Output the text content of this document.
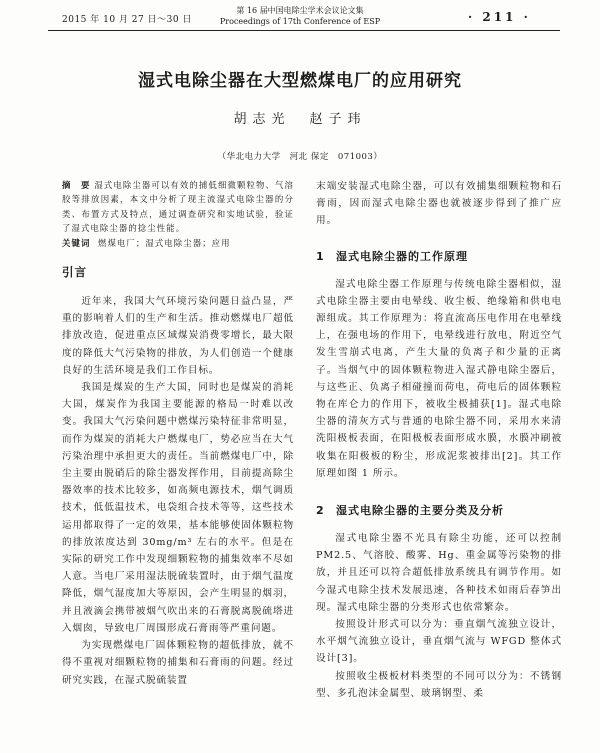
2015 年 10 月 27 日～30 日
第 16 届中国电除尘学术会议论文集
Proceedings of 17th Conference of ESP	· 211 ·
湿式电除尘器在大型燃煤电厂的应用研究
胡志光　赵子玮
（华北电力大学　河北 保定　071003）

摘　要 湿式电除尘器可以有效的捕低细微颗粒物、气溶胶等排放因素，本文中分析了现主流湿式电除尘器的分类、布置方式及特点，通过调查研究和实地试验，验证了湿式电除尘器的捻尘性能。

关键词 燃煤电厂；湿式电除尘器；应用

引言

近年来，我国大气环境污染问题日益凸显，严重的影响着人们的生产和生活。推动燃煤电厂超低排放改造，促进重点区域煤炭消费零增长，最大限度的降低大气污染物的排放，为人们创造一个健康良好的生活环境是我们工作目标。

我国是煤炭的生产大国，同时也是煤炭的消耗大国，煤炭作为我国主要能源的格局一时难以改变。我国大气污染问题中燃煤污染特征非常明显，而作为煤炭的消耗大户燃煤电厂，势必应当在大气污染治理中承担更大的责任。当前燃煤电厂中，除尘主要由脱硝后的除尘器发挥作用，目前提高除尘器效率的技术比较多，如高频电源技术，烟气调质技术，低低温技术，电袋组合技术等等，这些技术运用都取得了一定的效果，基本能够使固体颗粒物的排放浓度达到 30mg/m³ 左右的水平。但是在实际的研究工作中发现细颗粒物的捕集效率不尽如人意。当电厂采用湿法脱硫装置时，由于烟气温度降低，烟气湿度加大等原因，会产生明显的烟羽，并且液滴会携带被烟气吹出来的石膏脱离脱硫塔进入烟囱，导致电厂周围形成石膏雨等严重问题。

为实现燃煤电厂固体颗粒物的超低排放，就不得不重视对细颗粒物的捕集和石膏雨的问题。经过研究实践，在湿式脱硫装置

末端安装湿式电除尘器，可以有效捕集细颗粒物和石膏雨，因而湿式电除尘器也就被逐步得到了推广应用。

1 湿式电除尘器的工作原理

湿式电除尘器工作原理与传统电除尘器相似，湿式电除尘器主要由电晕线、收尘板、绝缘箱和供电电源组成。其工作原理为：将直流高压电作用在电晕线上，在强电场的作用下，电晕线进行放电，附近空气发生雪崩式电离，产生大量的负离子和少量的正离子。当烟气中的固体颗粒物进入湿式静电除尘器后，与这些正、负离子相碰撞而荷电，荷电后的固体颗粒物在库仑力的作用下，被收尘极捕获[1]。湿式电除尘器的清灰方式与普通的电除尘器不同，采用水来清洗阳极板表面，在阳极板表面形成水膜，水膜冲刷被收集在阳极板的粉尘，形成泥浆被排出[2]。其工作原理如图 1 所示。

2 湿式电除尘器的主要分类及分析

湿式电除尘器不光具有除尘功能，还可以控制 PM2.5、气溶胶、酸雾、Hg、重金属等污染物的排放，并且还可以符合超低排放系统具有调节作用。如今湿式电除尘技术发展迅速，各种技术如雨后春笋出现。湿式电除尘器的分类形式也依常繁杂。

按照设计形式可以分为：垂直烟气流独立设计，水平烟气流独立设计，垂直烟气流与 WFGD 整体式设计[3]。

按照收尘极板材料类型的不同可以分为：不锈钢型、多孔泡沫金属型、玻璃钢型、柔
